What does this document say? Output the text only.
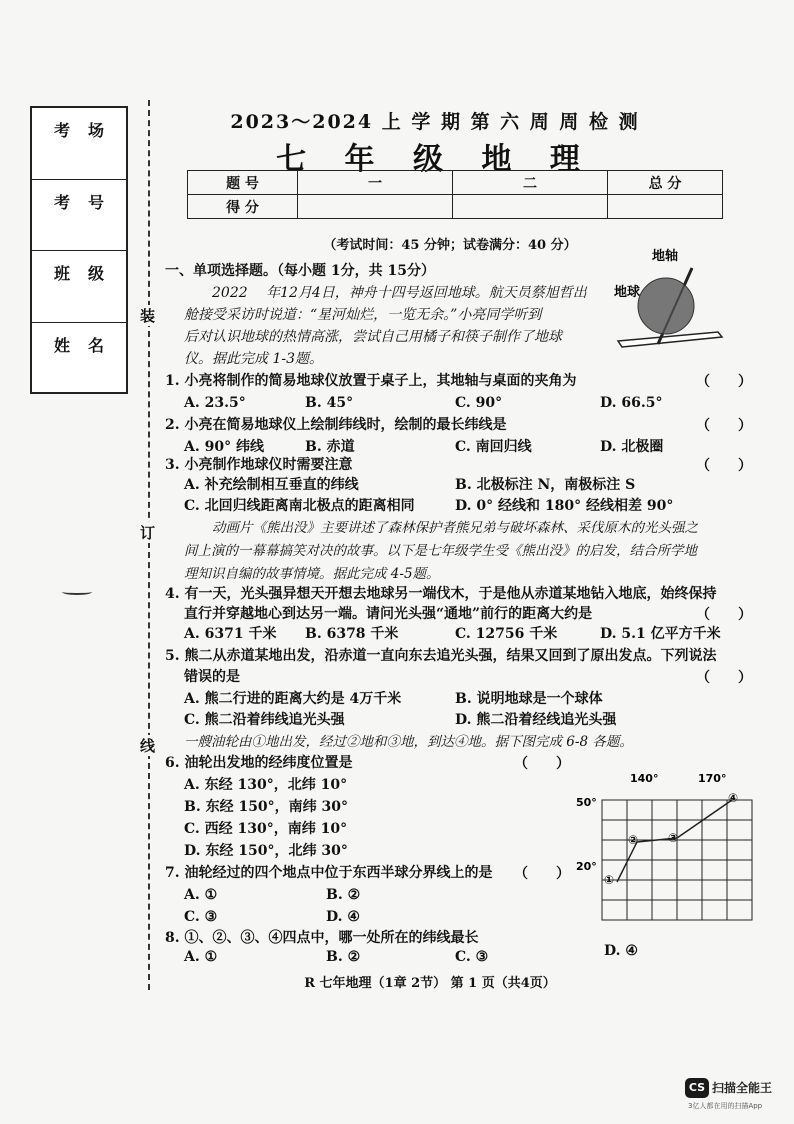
考场
考号
班级
姓名
装
订
线
2023～2024 上 学 期 第 六 周 周 检 测
七 年 级 地 理
题 号	一	二	总 分
得 分			
（考试时间：45 分钟；试卷满分：40 分）
一、单项选择题。（每小题 1分，共 15分）
2022 　年12月4日，神舟十四号返回地球。航天员蔡旭哲出
舱接受采访时说道：“星河灿烂，一览无余。”小亮同学听到
后对认识地球的热情高涨，尝试自己用橘子和筷子制作了地球
仪。据此完成 1-3题。
地轴
地球
1. 小亮将制作的简易地球仪放置于桌子上，其地轴与桌面的夹角为	（　　）
A. 23.5°	B. 45°	C. 90°	D. 66.5°
2. 小亮在简易地球仪上绘制纬线时，绘制的最长纬线是	（　　）
A. 90° 纬线	B. 赤道	C. 南回归线	D. 北极圈
3. 小亮制作地球仪时需要注意	（　　）
A. 补充绘制相互垂直的纬线	B. 北极标注 N，南极标注 S
C. 北回归线距离南北极点的距离相同	D. 0° 经线和 180° 经线相差 90°
动画片《熊出没》主要讲述了森林保护者熊兄弟与破坏森林、采伐原木的光头强之
间上演的一幕幕搞笑对决的故事。以下是七年级学生受《熊出没》的启发，结合所学地
理知识自编的故事情境。据此完成 4-5题。
4. 有一天，光头强异想天开想去地球另一端伐木，于是他从赤道某地钻入地底，始终保持
直行并穿越地心到达另一端。请问光头强“通地”前行的距离大约是	（　　）
A. 6371 千米 B. 6378 千米	C. 12756 千米	D. 5.1 亿平方千米
5. 熊二从赤道某地出发，沿赤道一直向东去追光头强，结果又回到了原出发点。下列说法
错误的是	（　　）
A. 熊二行进的距离大约是 4万千米	B. 说明地球是一个球体
C. 熊二沿着纬线追光头强	D. 熊二沿着经线追光头强
一艘油轮由①地出发，经过②地和③地，到达④地。据下图完成 6-8 各题。
6. 油轮出发地的经纬度位置是	（　　）
A. 东经 130°，北纬 10°
B. 东经 150°，南纬 30°
C. 西经 130°，南纬 10°
D. 东经 150°，北纬 30°
7. 油轮经过的四个地点中位于东西半球分界线上的是 （　　）
A. ①	B. ②
C. ③	D. ④
8. ①、②、③、④四点中，哪一处所在的纬线最长
A. ①	B. ②	C. ③	D. ④
140°	170°
50°
20°
①
② ③
④
R 七年地理（1章 2节） 第 1 页（共4页）
CS 扫描全能王
3亿人都在用的扫描App
